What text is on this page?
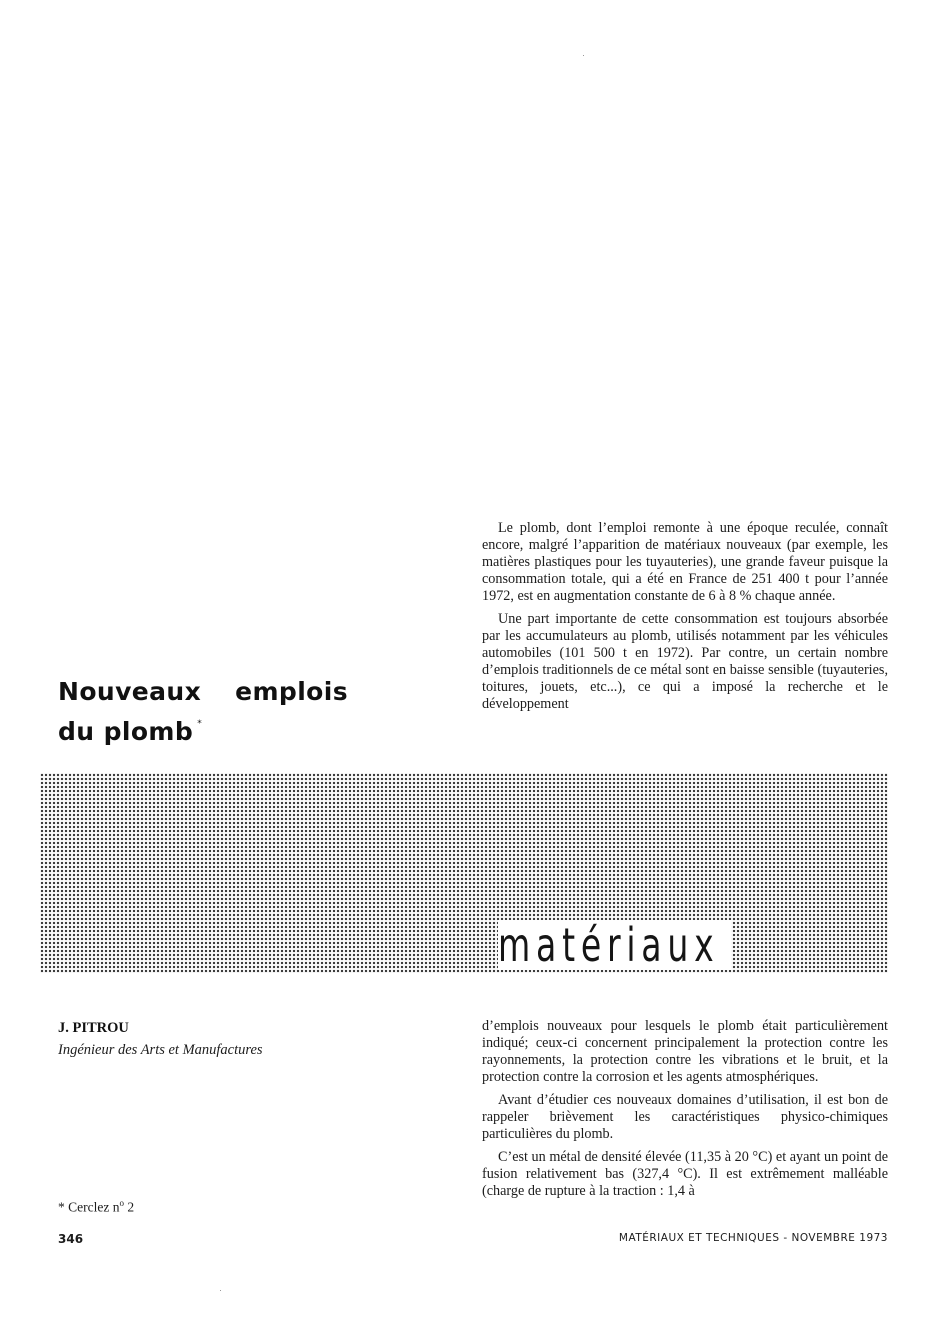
Nouveaux emplois
du plomb *

Le plomb, dont l’emploi remonte à une époque reculée, connaît encore, malgré l’apparition de matériaux nouveaux (par exemple, les matières plastiques pour les tuyauteries), une grande faveur puisque la consommation totale, qui a été en France de 251 400 t pour l’année 1972, est en augmentation constante de 6 à 8 % chaque année.

Une part importante de cette consommation est toujours absorbée par les accumulateurs au plomb, utilisés notamment par les véhicules automobiles (101 500 t en 1972). Par contre, un certain nombre d’emplois traditionnels de ce métal sont en baisse sensible (tuyauteries, toitures, jouets, etc...), ce qui a imposé la recherche et le développement

matériaux
J. PITROU
Ingénieur des Arts et Manufactures

d’emplois nouveaux pour lesquels le plomb était particulièrement indiqué; ceux-ci concernent principalement la protection contre les rayonnements, la protection contre les vibrations et le bruit, et la protection contre la corrosion et les agents atmosphériques.

Avant d’étudier ces nouveaux domaines d’utilisation, il est bon de rappeler brièvement les caractéristiques physico-chimiques particulières du plomb.

C’est un métal de densité élevée (11,35 à 20 °C) et ayant un point de fusion relativement bas (327,4 °C). Il est extrêmement malléable (charge de rupture à la traction : 1,4 à

* Cerclez $n^o$ 2
346	MATÉRIAUX ET TECHNIQUES - NOVEMBRE 1973
